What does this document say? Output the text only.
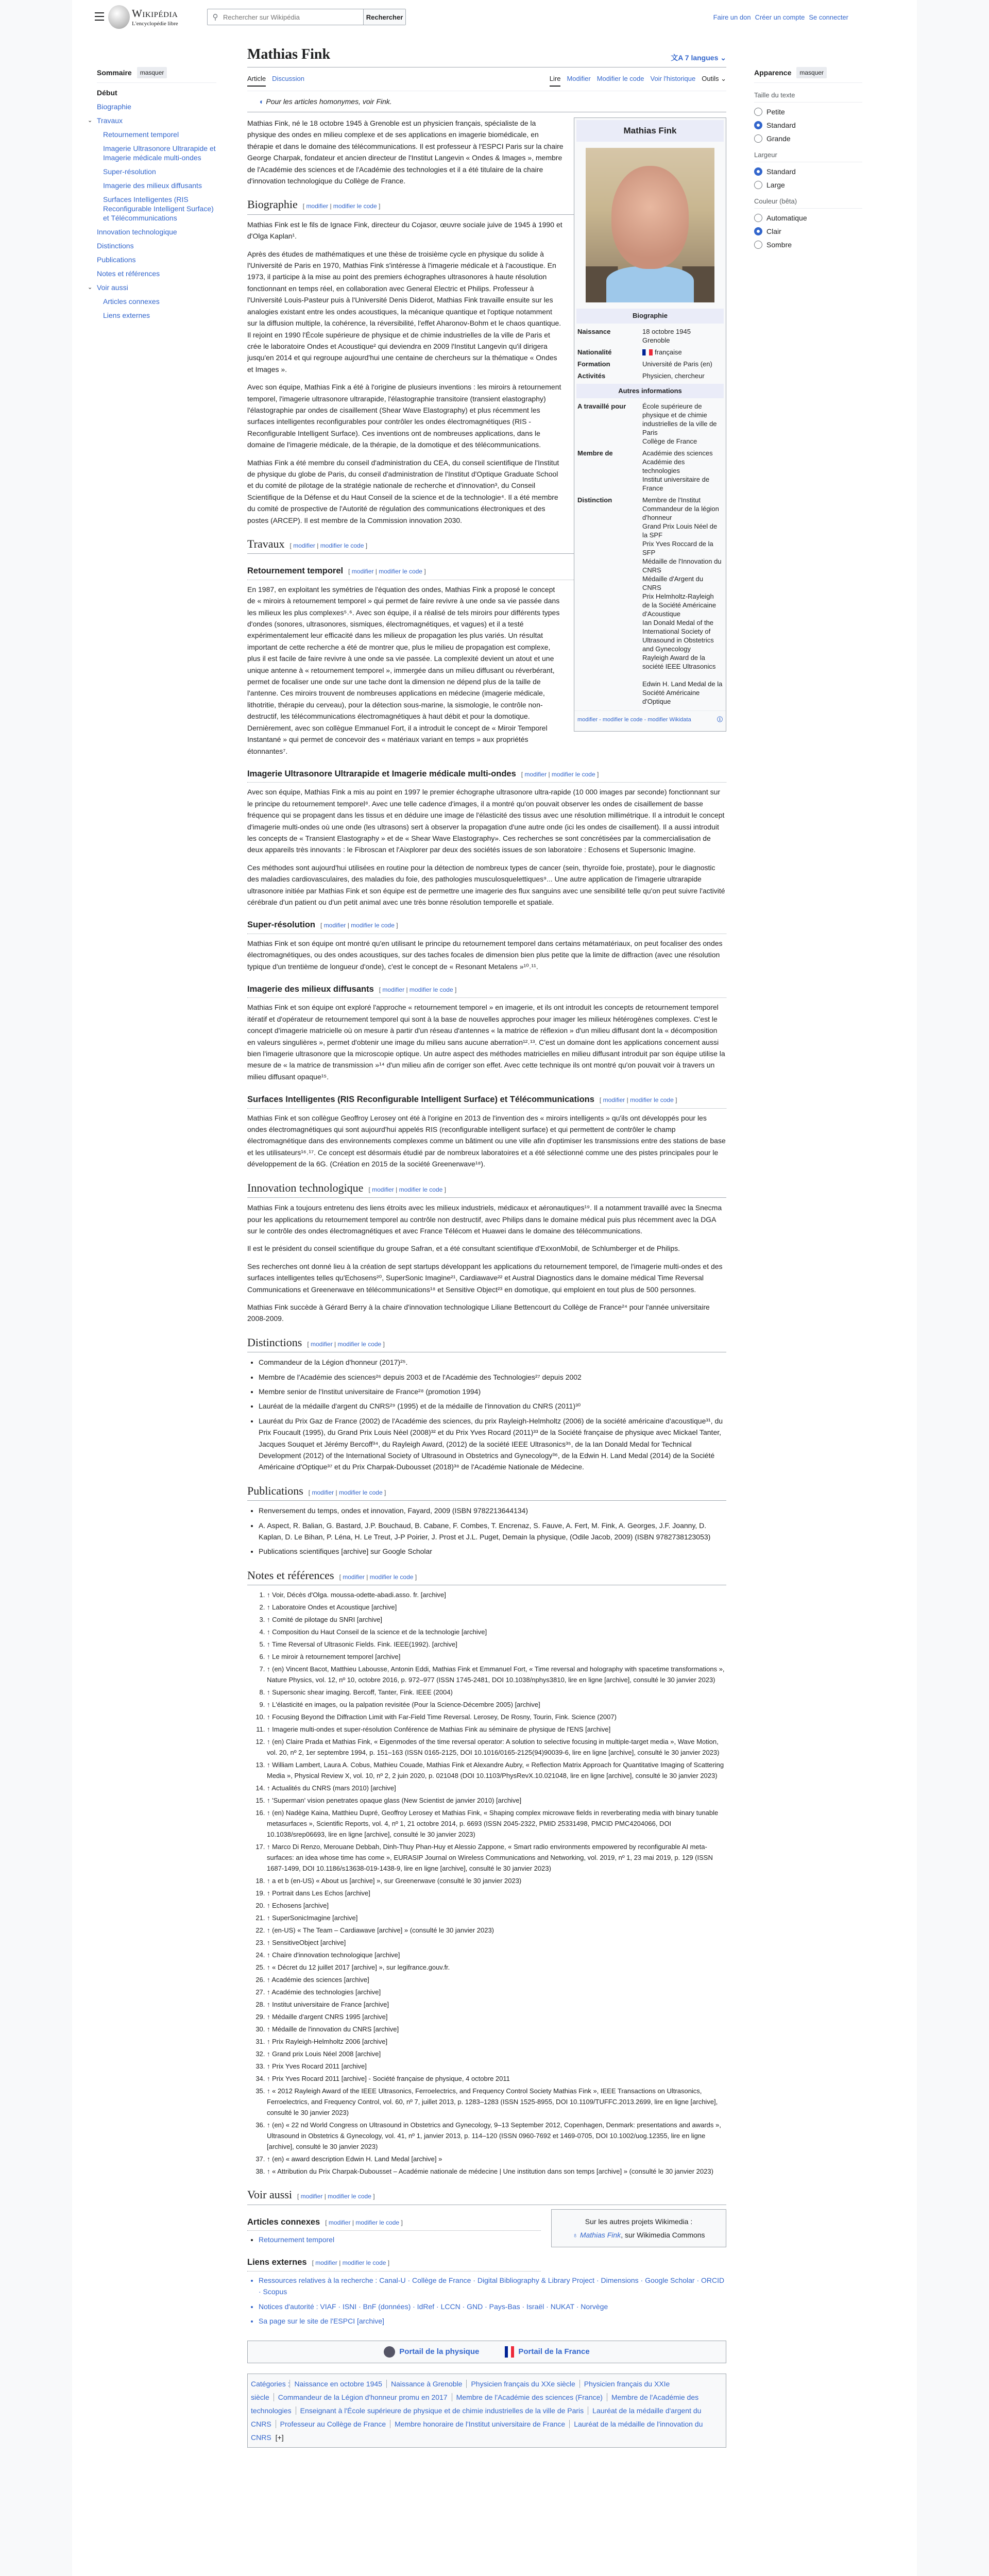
Wikipédia
L'encyclopédie libre
⚲
Rechercher sur Wikipédia	Rechercher	Faire un don Créer un compte Se connecter
Sommaire	masquer
Début
Biographie
⌄ Travaux
Retournement temporel
Imagerie Ultrasonore Ultrarapide et Imagerie médicale multi-ondes
Super-résolution
Imagerie des milieux diffusants
Surfaces Intelligentes (RIS Reconfigurable Intelligent Surface) et Télécommunications
Innovation technologique
Distinctions
Publications
Notes et références
⌄ Voir aussi
Articles connexes
Liens externes
Apparence	masquer
Taille du texte
Petite
Standard
Grande
Largeur
Standard
Large
Couleur (bêta)
Automatique
Clair
Sombre
Mathias Fink	文A 7 langues ⌄
Article Discussion	Lire Modifier Modifier le code Voir l'historique Outils ⌄
◐ Pour les articles homonymes, voir Fink.
Mathias Fink
Biographie
Naissance	18 octobre 1945
Grenoble
Nationalité	française
Formation	Université de Paris (en)
Activités	Physicien, chercheur
Autres informations
A travaillé pour	École supérieure de physique et de chimie industrielles de la ville de Paris
Collège de France
Membre de	Académie des sciences
Académie des technologies
Institut universitaire de France
Distinction	Membre de l'Institut
Commandeur de la légion d'honneur
Grand Prix Louis Néel de la SPF
Prix Yves Roccard de la SFP
Médaille de l'Innovation du CNRS
Médaille d'Argent du CNRS
Prix Helmholtz-Rayleigh de la Société Américaine d'Acoustique
Ian Donald Medal of the International Society of Ultrasound in Obstetrics and Gynecology
Rayleigh Award de la société IEEE Ultrasonics

Edwin H. Land Medal de la Société Américaine d'Optique
modifier - modifier le code - modifier Wikidata	ⓘ

Mathias Fink, né le 18 octobre 1945 à Grenoble est un physicien français, spécialiste de la physique des ondes en milieu complexe et de ses applications en imagerie biomédicale, en thérapie et dans le domaine des télécommunications. Il est professeur à l'ESPCI Paris sur la chaire George Charpak, fondateur et ancien directeur de l'Institut Langevin « Ondes & Images », membre de l'Académie des sciences et de l'Académie des technologies et il a été titulaire de la chaire d'innovation technologique du Collège de France.

Biographie [ modifier | modifier le code ]

Mathias Fink est le fils de Ignace Fink, directeur du Cojasor, œuvre sociale juive de 1945 à 1990 et d'Olga Kaplan¹.

Après des études de mathématiques et une thèse de troisième cycle en physique du solide à l'Université de Paris en 1970, Mathias Fink s'intéresse à l'imagerie médicale et à l'acoustique. En 1973, il participe à la mise au point des premiers échographes ultrasonores à haute résolution fonctionnant en temps réel, en collaboration avec General Electric et Philips. Professeur à l'Université Louis-Pasteur puis à l'Université Denis Diderot, Mathias Fink travaille ensuite sur les analogies existant entre les ondes acoustiques, la mécanique quantique et l'optique notamment sur la diffusion multiple, la cohérence, la réversibilité, l'effet Aharonov-Bohm et le chaos quantique. Il rejoint en 1990 l'École supérieure de physique et de chimie industrielles de la ville de Paris et crée le laboratoire Ondes et Acoustique² qui deviendra en 2009 l'Institut Langevin qu'il dirigera jusqu'en 2014 et qui regroupe aujourd'hui une centaine de chercheurs sur la thématique « Ondes et Images ».

Avec son équipe, Mathias Fink a été à l'origine de plusieurs inventions : les miroirs à retournement temporel, l'imagerie ultrasonore ultrarapide, l'élastographie transitoire (transient elastography) l'élastographie par ondes de cisaillement (Shear Wave Elastography) et plus récemment les surfaces intelligentes reconfigurables pour contrôler les ondes électromagnétiques (RIS - Reconfigurable Intelligent Surface). Ces inventions ont de nombreuses applications, dans le domaine de l'imagerie médicale, de la thérapie, de la domotique et des télécommunications.

Mathias Fink a été membre du conseil d'administration du CEA, du conseil scientifique de l'Institut de physique du globe de Paris, du conseil d'administration de l'Institut d'Optique Graduate School et du comité de pilotage de la stratégie nationale de recherche et d'innovation³, du Conseil Scientifique de la Défense et du Haut Conseil de la science et de la technologie⁴. Il a été membre du comité de prospective de l'Autorité de régulation des communications électroniques et des postes (ARCEP). Il est membre de la Commission innovation 2030.

Travaux [ modifier | modifier le code ]
Retournement temporel [ modifier | modifier le code ]

En 1987, en exploitant les symétries de l'équation des ondes, Mathias Fink a proposé le concept de « miroirs à retournement temporel » qui permet de faire revivre à une onde sa vie passée dans les milieux les plus complexes⁵˒⁶. Avec son équipe, il a réalisé de tels miroirs pour différents types d'ondes (sonores, ultrasonores, sismiques, électromagnétiques, et vagues) et il a testé expérimentalement leur efficacité dans les milieux de propagation les plus variés. Un résultat important de cette recherche a été de montrer que, plus le milieu de propagation est complexe, plus il est facile de faire revivre à une onde sa vie passée. La complexité devient un atout et une unique antenne à « retournement temporel », immergée dans un milieu diffusant ou réverbérant, permet de focaliser une onde sur une tache dont la dimension ne dépend plus de la taille de l'antenne. Ces miroirs trouvent de nombreuses applications en médecine (imagerie médicale, lithotritie, thérapie du cerveau), pour la détection sous-marine, la sismologie, le contrôle non-destructif, les télécommunications électromagnétiques à haut débit et pour la domotique. Dernièrement, avec son collègue Emmanuel Fort, il a introduit le concept de « Miroir Temporel Instantané » qui permet de concevoir des « matériaux variant en temps » aux propriétés étonnantes⁷.

Imagerie Ultrasonore Ultrarapide et Imagerie médicale multi-ondes [ modifier | modifier le code ]

Avec son équipe, Mathias Fink a mis au point en 1997 le premier échographe ultrasonore ultra-rapide (10 000 images par seconde) fonctionnant sur le principe du retournement temporel⁸. Avec une telle cadence d'images, il a montré qu'on pouvait observer les ondes de cisaillement de basse fréquence qui se propagent dans les tissus et en déduire une image de l'élasticité des tissus avec une résolution millimétrique. Il a introduit le concept d'imagerie multi-ondes où une onde (les ultrasons) sert à observer la propagation d'une autre onde (ici les ondes de cisaillement). Il a aussi introduit les concepts de « Transient Elastography » et de « Shear Wave Elastography». Ces recherches se sont concrétisées par la commercialisation de deux appareils très innovants : le Fibroscan et l'Aixplorer par deux des sociétés issues de son laboratoire : Echosens et Supersonic Imagine.

Ces méthodes sont aujourd'hui utilisées en routine pour la détection de nombreux types de cancer (sein, thyroïde foie, prostate), pour le diagnostic des maladies cardiovasculaires, des maladies du foie, des pathologies musculosquelettiques⁹... Une autre application de l'imagerie ultrarapide ultrasonore initiée par Mathias Fink et son équipe est de permettre une imagerie des flux sanguins avec une sensibilité telle qu'on peut suivre l'activité cérébrale d'un patient ou d'un petit animal avec une très bonne résolution temporelle et spatiale.

Super-résolution [ modifier | modifier le code ]

Mathias Fink et son équipe ont montré qu'en utilisant le principe du retournement temporel dans certains métamatériaux, on peut focaliser des ondes électromagnétiques, ou des ondes acoustiques, sur des taches focales de dimension bien plus petite que la limite de diffraction (avec une résolution typique d'un trentième de longueur d'onde), c'est le concept de « Resonant Metalens »¹⁰˒¹¹.

Imagerie des milieux diffusants [ modifier | modifier le code ]

Mathias Fink et son équipe ont exploré l'approche « retournement temporel » en imagerie, et ils ont introduit les concepts de retournement temporel itératif et d'opérateur de retournement temporel qui sont à la base de nouvelles approches pour imager les milieux hétérogènes complexes. C'est le concept d'imagerie matricielle où on mesure à partir d'un réseau d'antennes « la matrice de réflexion » d'un milieu diffusant dont la « décomposition en valeurs singulières », permet d'obtenir une image du milieu sans aucune aberration¹²˒¹³. C'est un domaine dont les applications concernent aussi bien l'imagerie ultrasonore que la microscopie optique. Un autre aspect des méthodes matricielles en milieu diffusant introduit par son équipe utilise la mesure de « la matrice de transmission »¹⁴ d'un milieu afin de corriger son effet. Avec cette technique ils ont montré qu'on pouvait voir à travers un milieu diffusant opaque¹⁵.

Surfaces Intelligentes (RIS Reconfigurable Intelligent Surface) et Télécommunications [ modifier | modifier le code ]

Mathias Fink et son collègue Geoffroy Lerosey ont été à l'origine en 2013 de l'invention des « miroirs intelligents » qu'ils ont développés pour les ondes électromagnétiques qui sont aujourd'hui appelés RIS (reconfigurable intelligent surface) et qui permettent de contrôler le champ électromagnétique dans des environnements complexes comme un bâtiment ou une ville afin d'optimiser les transmissions entre des stations de base et les utilisateurs¹⁶˒¹⁷. Ce concept est désormais étudié par de nombreux laboratoires et a été sélectionné comme une des pistes principales pour le développement de la 6G. (Création en 2015 de la société Greenerwave¹⁸).

Innovation technologique [ modifier | modifier le code ]

Mathias Fink a toujours entretenu des liens étroits avec les milieux industriels, médicaux et aéronautiques¹⁹. Il a notamment travaillé avec la Snecma pour les applications du retournement temporel au contrôle non destructif, avec Philips dans le domaine médical puis plus récemment avec la DGA sur le contrôle des ondes électromagnétiques et avec France Télécom et Huawei dans le domaine des télécommunications.

Il est le président du conseil scientifique du groupe Safran, et a été consultant scientifique d'ExxonMobil, de Schlumberger et de Philips.

Ses recherches ont donné lieu à la création de sept startups développant les applications du retournement temporel, de l'imagerie multi-ondes et des surfaces intelligentes telles qu'Echosens²⁰, SuperSonic Imagine²¹, Cardiawave²² et Austral Diagnostics dans le domaine médical Time Reversal Communications et Greenerwave en télécommunications¹⁸ et Sensitive Object²³ en domotique, qui emploient en tout plus de 500 personnes.

Mathias Fink succède à Gérard Berry à la chaire d'innovation technologique Liliane Bettencourt du Collège de France²⁴ pour l'année universitaire 2008-2009.

Distinctions [ modifier | modifier le code ]
• Commandeur de la Légion d'honneur (2017)²⁵.
• Membre de l'Académie des sciences²⁶ depuis 2003 et de l'Académie des Technologies²⁷ depuis 2002
• Membre senior de l'Institut universitaire de France²⁸ (promotion 1994)
• Lauréat de la médaille d'argent du CNRS²⁹ (1995) et de la médaille de l'innovation du CNRS (2011)³⁰
• Lauréat du Prix Gaz de France (2002) de l'Académie des sciences, du prix Rayleigh-Helmholtz (2006) de la société américaine d'acoustique³¹, du Prix Foucault (1995), du Grand Prix Louis Néel (2008)³² et du Prix Yves Rocard (2011)³³ de la Société française de physique avec Mickael Tanter, Jacques Souquet et Jérémy Bercoff³⁴, du Rayleigh Award, (2012) de la société IEEE Ultrasonics³⁵, de la Ian Donald Medal for Technical Development (2012) of the International Society of Ultrasound in Obstetrics and Gynecology³⁶, de la Edwin H. Land Medal (2014) de la Société Américaine d'Optique³⁷ et du Prix Charpak-Dubousset (2018)³⁸ de l'Académie Nationale de Médecine.
Publications [ modifier | modifier le code ]
• Renversement du temps, ondes et innovation, Fayard, 2009 (ISBN 9782213644134)
• A. Aspect, R. Balian, G. Bastard, J.P. Bouchaud, B. Cabane, F. Combes, T. Encrenaz, S. Fauve, A. Fert, M. Fink, A. Georges, J.F. Joanny, D. Kaplan, D. Le Bihan, P. Léna, H. Le Treut, J-P Poirier, J. Prost et J.L. Puget, Demain la physique, (Odile Jacob, 2009) (ISBN 9782738123053)
• Publications scientifiques [archive] sur Google Scholar
Notes et références [ modifier | modifier le code ]
1. ↑ Voir, Décès d'Olga. moussa-odette-abadi.asso. fr. [archive]
2. ↑ Laboratoire Ondes et Acoustique [archive]
3. ↑ Comité de pilotage du SNRI [archive]
4. ↑ Composition du Haut Conseil de la science et de la technologie [archive]
5. ↑ Time Reversal of Ultrasonic Fields. Fink. IEEE(1992). [archive]
6. ↑ Le miroir à retournement temporel [archive]
7. ↑ (en) Vincent Bacot, Matthieu Labousse, Antonin Eddi, Mathias Fink et Emmanuel Fort, « Time reversal and holography with spacetime transformations », Nature Physics, vol. 12, nº 10, octobre 2016, p. 972–977 (ISSN 1745-2481, DOI 10.1038/nphys3810, lire en ligne [archive], consulté le 30 janvier 2023)
8. ↑ Supersonic shear imaging. Bercoff, Tanter, Fink. IEEE (2004)
9. ↑ L'élasticité en images, ou la palpation revisitée (Pour la Science-Décembre 2005) [archive]
10. ↑ Focusing Beyond the Diffraction Limit with Far-Field Time Reversal. Lerosey, De Rosny, Tourin, Fink. Science (2007)
11. ↑ Imagerie multi-ondes et super-résolution Conférence de Mathias Fink au séminaire de physique de l'ENS [archive]
12. ↑ (en) Claire Prada et Mathias Fink, « Eigenmodes of the time reversal operator: A solution to selective focusing in multiple-target media », Wave Motion, vol. 20, nº 2, 1er septembre 1994, p. 151–163 (ISSN 0165-2125, DOI 10.1016/0165-2125(94)90039-6, lire en ligne [archive], consulté le 30 janvier 2023)
13. ↑ William Lambert, Laura A. Cobus, Mathieu Couade, Mathias Fink et Alexandre Aubry, « Reflection Matrix Approach for Quantitative Imaging of Scattering Media », Physical Review X, vol. 10, nº 2, 2 juin 2020, p. 021048 (DOI 10.1103/PhysRevX.10.021048, lire en ligne [archive], consulté le 30 janvier 2023)
14. ↑ Actualités du CNRS (mars 2010) [archive]
15. ↑ 'Superman' vision penetrates opaque glass (New Scientist de janvier 2010) [archive]
16. ↑ (en) Nadège Kaina, Matthieu Dupré, Geoffroy Lerosey et Mathias Fink, « Shaping complex microwave fields in reverberating media with binary tunable metasurfaces », Scientific Reports, vol. 4, nº 1, 21 octobre 2014, p. 6693 (ISSN 2045-2322, PMID 25331498, PMCID PMC4204066, DOI 10.1038/srep06693, lire en ligne [archive], consulté le 30 janvier 2023)
17. ↑ Marco Di Renzo, Merouane Debbah, Dinh-Thuy Phan-Huy et Alessio Zappone, « Smart radio environments empowered by reconfigurable AI meta-surfaces: an idea whose time has come », EURASIP Journal on Wireless Communications and Networking, vol. 2019, nº 1, 23 mai 2019, p. 129 (ISSN 1687-1499, DOI 10.1186/s13638-019-1438-9, lire en ligne [archive], consulté le 30 janvier 2023)
18. ↑ a et b (en-US) « About us [archive] », sur Greenerwave (consulté le 30 janvier 2023)
19. ↑ Portrait dans Les Echos [archive]
20. ↑ Echosens [archive]
21. ↑ SuperSonicImagine [archive]
22. ↑ (en-US) « The Team – Cardiawave [archive] » (consulté le 30 janvier 2023)
23. ↑ SensitiveObject [archive]
24. ↑ Chaire d'innovation technologique [archive]
25. ↑ « Décret du 12 juillet 2017 [archive] », sur legifrance.gouv.fr.
26. ↑ Académie des sciences [archive]
27. ↑ Académie des technologies [archive]
28. ↑ Institut universitaire de France [archive]
29. ↑ Médaille d'argent CNRS 1995 [archive]
30. ↑ Médaille de l'innovation du CNRS [archive]
31. ↑ Prix Rayleigh-Helmholtz 2006 [archive]
32. ↑ Grand prix Louis Néel 2008 [archive]
33. ↑ Prix Yves Rocard 2011 [archive]
34. ↑ Prix Yves Rocard 2011 [archive] - Société française de physique, 4 octobre 2011
35. ↑ « 2012 Rayleigh Award of the IEEE Ultrasonics, Ferroelectrics, and Frequency Control Society Mathias Fink », IEEE Transactions on Ultrasonics, Ferroelectrics, and Frequency Control, vol. 60, nº 7, juillet 2013, p. 1283–1283 (ISSN 1525-8955, DOI 10.1109/TUFFC.2013.2699, lire en ligne [archive], consulté le 30 janvier 2023)
36. ↑ (en) « 22 nd World Congress on Ultrasound in Obstetrics and Gynecology, 9–13 September 2012, Copenhagen, Denmark: presentations and awards », Ultrasound in Obstetrics & Gynecology, vol. 41, nº 1, janvier 2013, p. 114–120 (ISSN 0960-7692 et 1469-0705, DOI 10.1002/uog.12355, lire en ligne [archive], consulté le 30 janvier 2023)
37. ↑ (en) « award description Edwin H. Land Medal [archive] »
38. ↑ « Attribution du Prix Charpak-Dubousset – Académie nationale de médecine | Une institution dans son temps [archive] » (consulté le 30 janvier 2023)
Voir aussi [ modifier | modifier le code ]
Sur les autres projets Wikimedia :
♁ Mathias Fink, sur Wikimedia Commons
Articles connexes [ modifier | modifier le code ]
• Retournement temporel
Liens externes [ modifier | modifier le code ]
• Ressources relatives à la recherche : Canal-U · Collège de France · Digital Bibliography & Library Project · Dimensions · Google Scholar · ORCID · Scopus
• Notices d'autorité : VIAF · ISNI · BnF (données) · IdRef · LCCN · GND · Pays-Bas · Israël · NUKAT · Norvège
• Sa page sur le site de l'ESPCI [archive]
Portail de la physique	Portail de la France
Catégories : Naissance en octobre 1945 Naissance à Grenoble Physicien français du XXe siècle Physicien français du XXIe siècle Commandeur de la Légion d'honneur promu en 2017 Membre de l'Académie des sciences (France) Membre de l'Académie des technologies Enseignant à l'École supérieure de physique et de chimie industrielles de la ville de Paris Lauréat de la médaille d'argent du CNRS Professeur au Collège de France Membre honoraire de l'Institut universitaire de France Lauréat de la médaille de l'innovation du CNRS [+]
